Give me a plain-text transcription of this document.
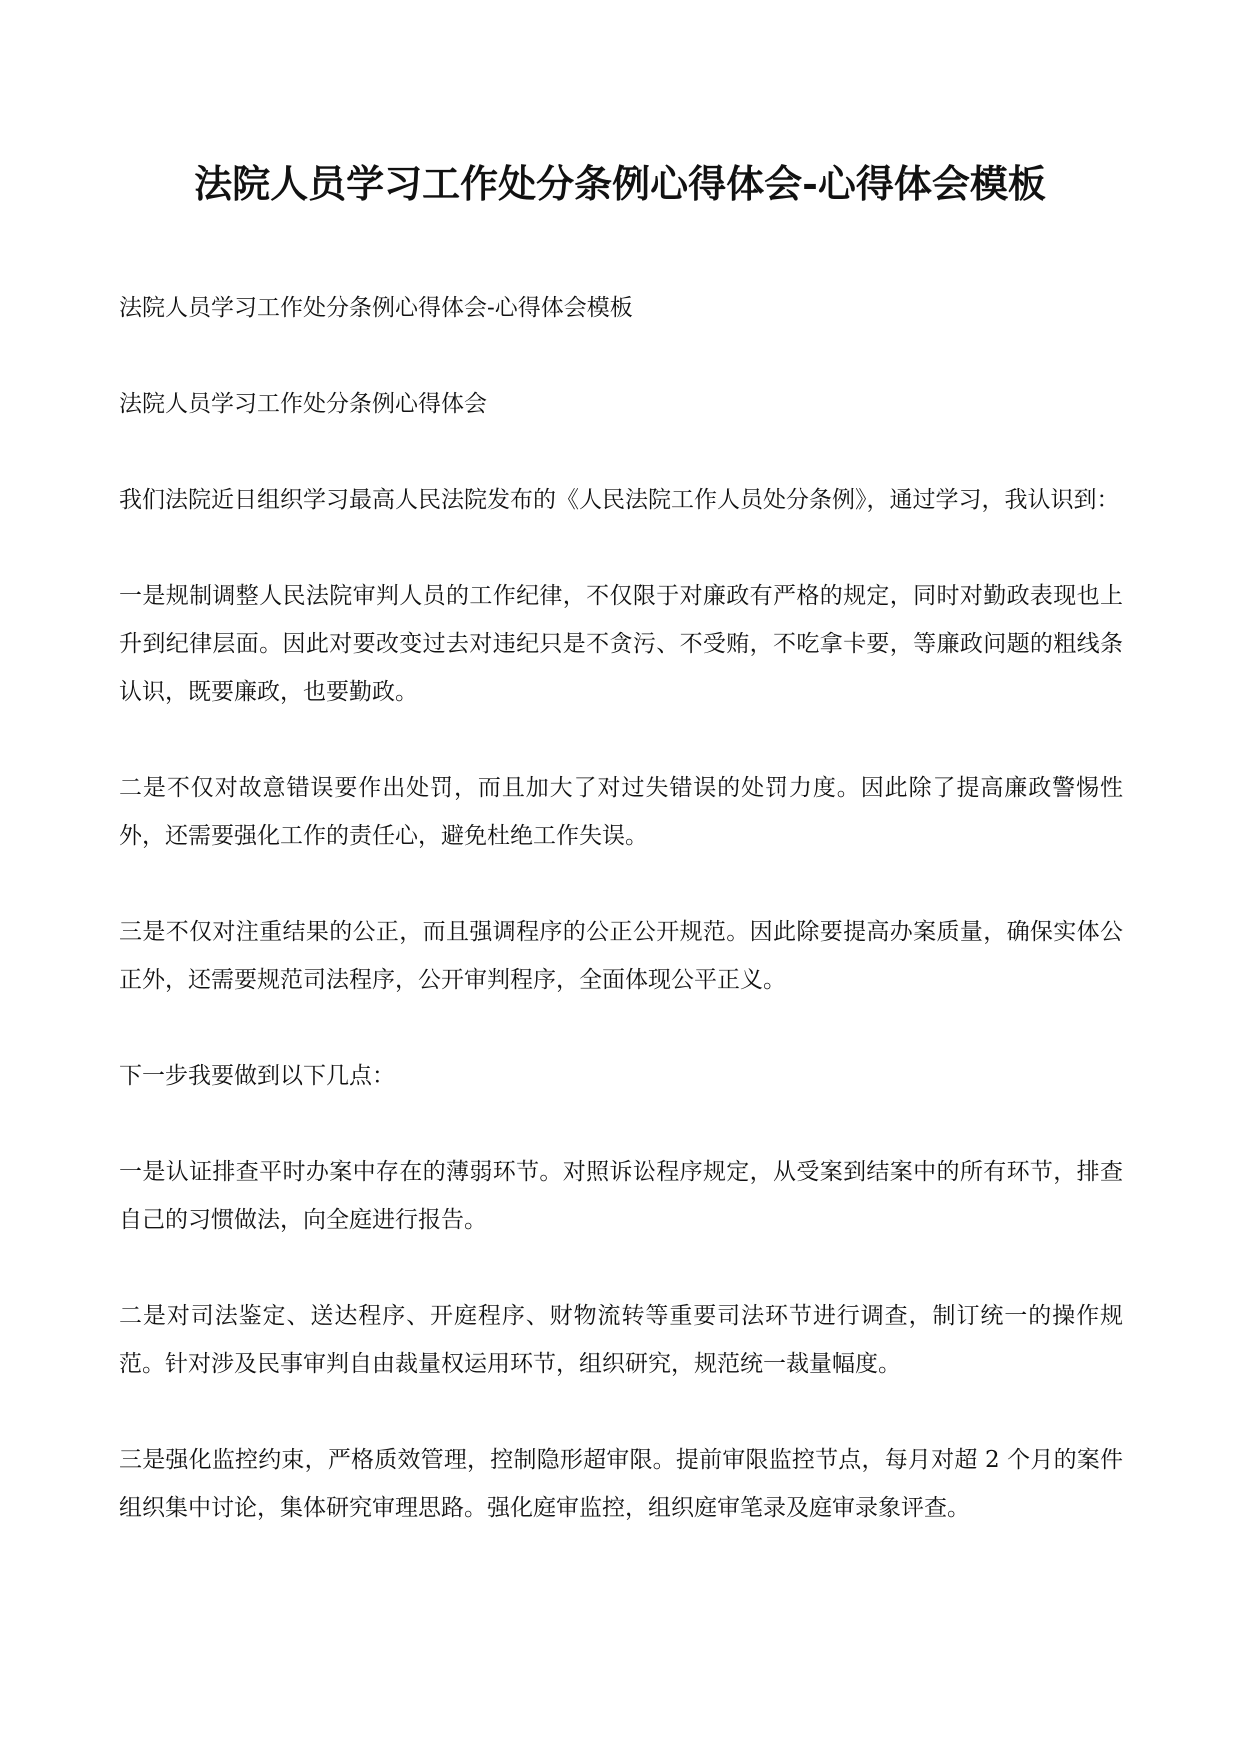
法院人员学习工作处分条例心得体会-心得体会模板

法院人员学习工作处分条例心得体会-心得体会模板

法院人员学习工作处分条例心得体会

我们法院近日组织学习最高人民法院发布的《人民法院工作人员处分条例》，通过学习，我认识到：

一是规制调整人民法院审判人员的工作纪律，不仅限于对廉政有严格的规定，同时对勤政表现也上升到纪律层面。因此对要改变过去对违纪只是不贪污、不受贿，不吃拿卡要，等廉政问题的粗线条认识，既要廉政，也要勤政。

二是不仅对故意错误要作出处罚，而且加大了对过失错误的处罚力度。因此除了提高廉政警惕性外，还需要强化工作的责任心，避免杜绝工作失误。

三是不仅对注重结果的公正，而且强调程序的公正公开规范。因此除要提高办案质量，确保实体公正外，还需要规范司法程序，公开审判程序，全面体现公平正义。

下一步我要做到以下几点：

一是认证排查平时办案中存在的薄弱环节。对照诉讼程序规定，从受案到结案中的所有环节，排查自己的习惯做法，向全庭进行报告。

二是对司法鉴定、送达程序、开庭程序、财物流转等重要司法环节进行调查，制订统一的操作规范。针对涉及民事审判自由裁量权运用环节，组织研究，规范统一裁量幅度。

三是强化监控约束，严格质效管理，控制隐形超审限。提前审限监控节点，每月对超 2 个月的案件组织集中讨论，集体研究审理思路。强化庭审监控，组织庭审笔录及庭审录象评查。
